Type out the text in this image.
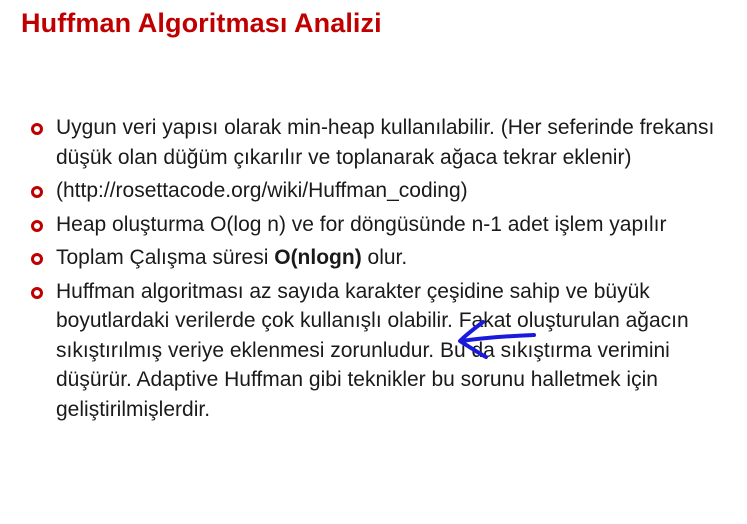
Huffman Algoritması Analizi
Uygun veri yapısı olarak min-heap kullanılabilir. (Her seferinde frekansı düşük olan düğüm çıkarılır ve toplanarak ağaca tekrar eklenir)
(http://rosettacode.org/wiki/Huffman_coding)
Heap oluşturma O(log n) ve for döngüsünde n-1 adet işlem yapılır
Toplam Çalışma süresi O(nlogn) olur.
Huffman algoritması az sayıda karakter çeşidine sahip ve büyük boyutlardaki verilerde çok kullanışlı olabilir. Fakat oluşturulan ağacın sıkıştırılmış veriye eklenmesi zorunludur. Bu da sıkıştırma verimini düşürür. Adaptive Huffman gibi teknikler bu sorunu halletmek için geliştirilmişlerdir.
